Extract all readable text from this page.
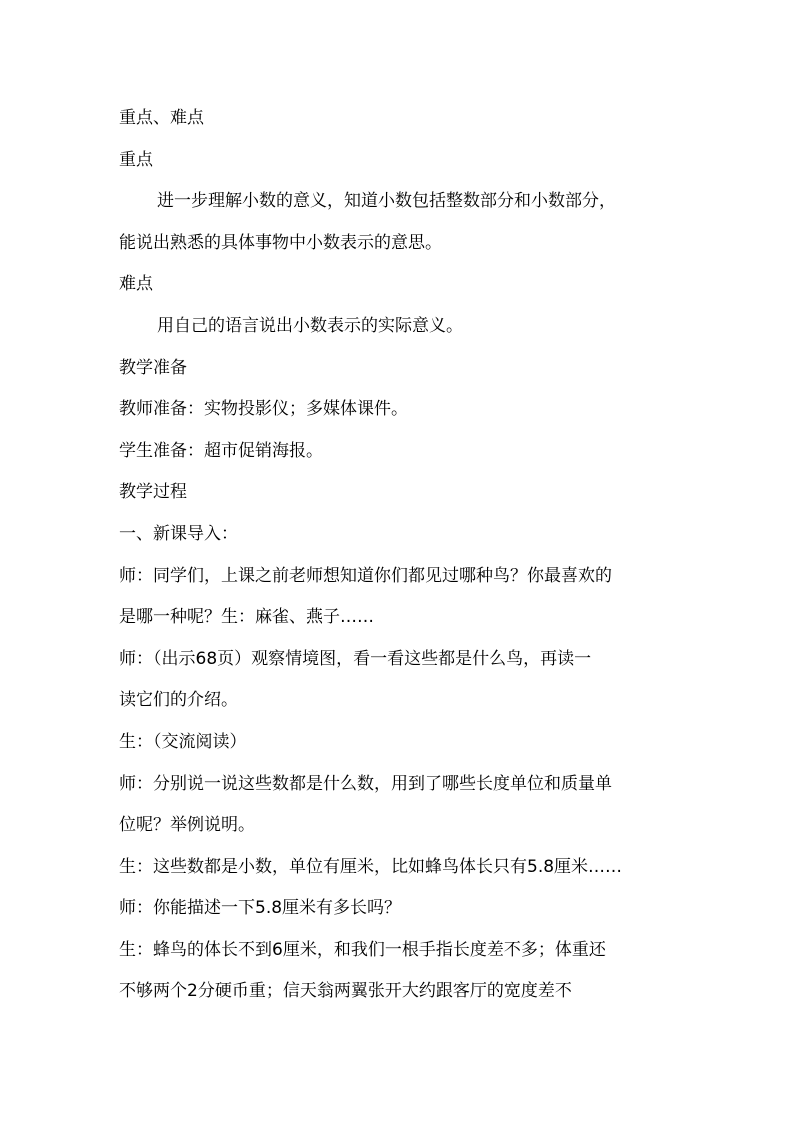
重点、难点

重点

进一步理解小数的意义，知道小数包括整数部分和小数部分，

能说出熟悉的具体事物中小数表示的意思。

难点

用自己的语言说出小数表示的实际意义。

教学准备

教师准备：实物投影仪；多媒体课件。

学生准备：超市促销海报。

教学过程

一、新课导入：

师：同学们，上课之前老师想知道你们都见过哪种鸟？你最喜欢的

是哪一种呢？生：麻雀、燕子……

师：（出示68页）观察情境图，看一看这些都是什么鸟，再读一

读它们的介绍。

生：（交流阅读）

师：分别说一说这些数都是什么数，用到了哪些长度单位和质量单

位呢？举例说明。

生：这些数都是小数，单位有厘米，比如蜂鸟体长只有5.8厘米……

师：你能描述一下5.8厘米有多长吗？

生：蜂鸟的体长不到6厘米，和我们一根手指长度差不多；体重还

不够两个2分硬币重；信天翁两翼张开大约跟客厅的宽度差不
